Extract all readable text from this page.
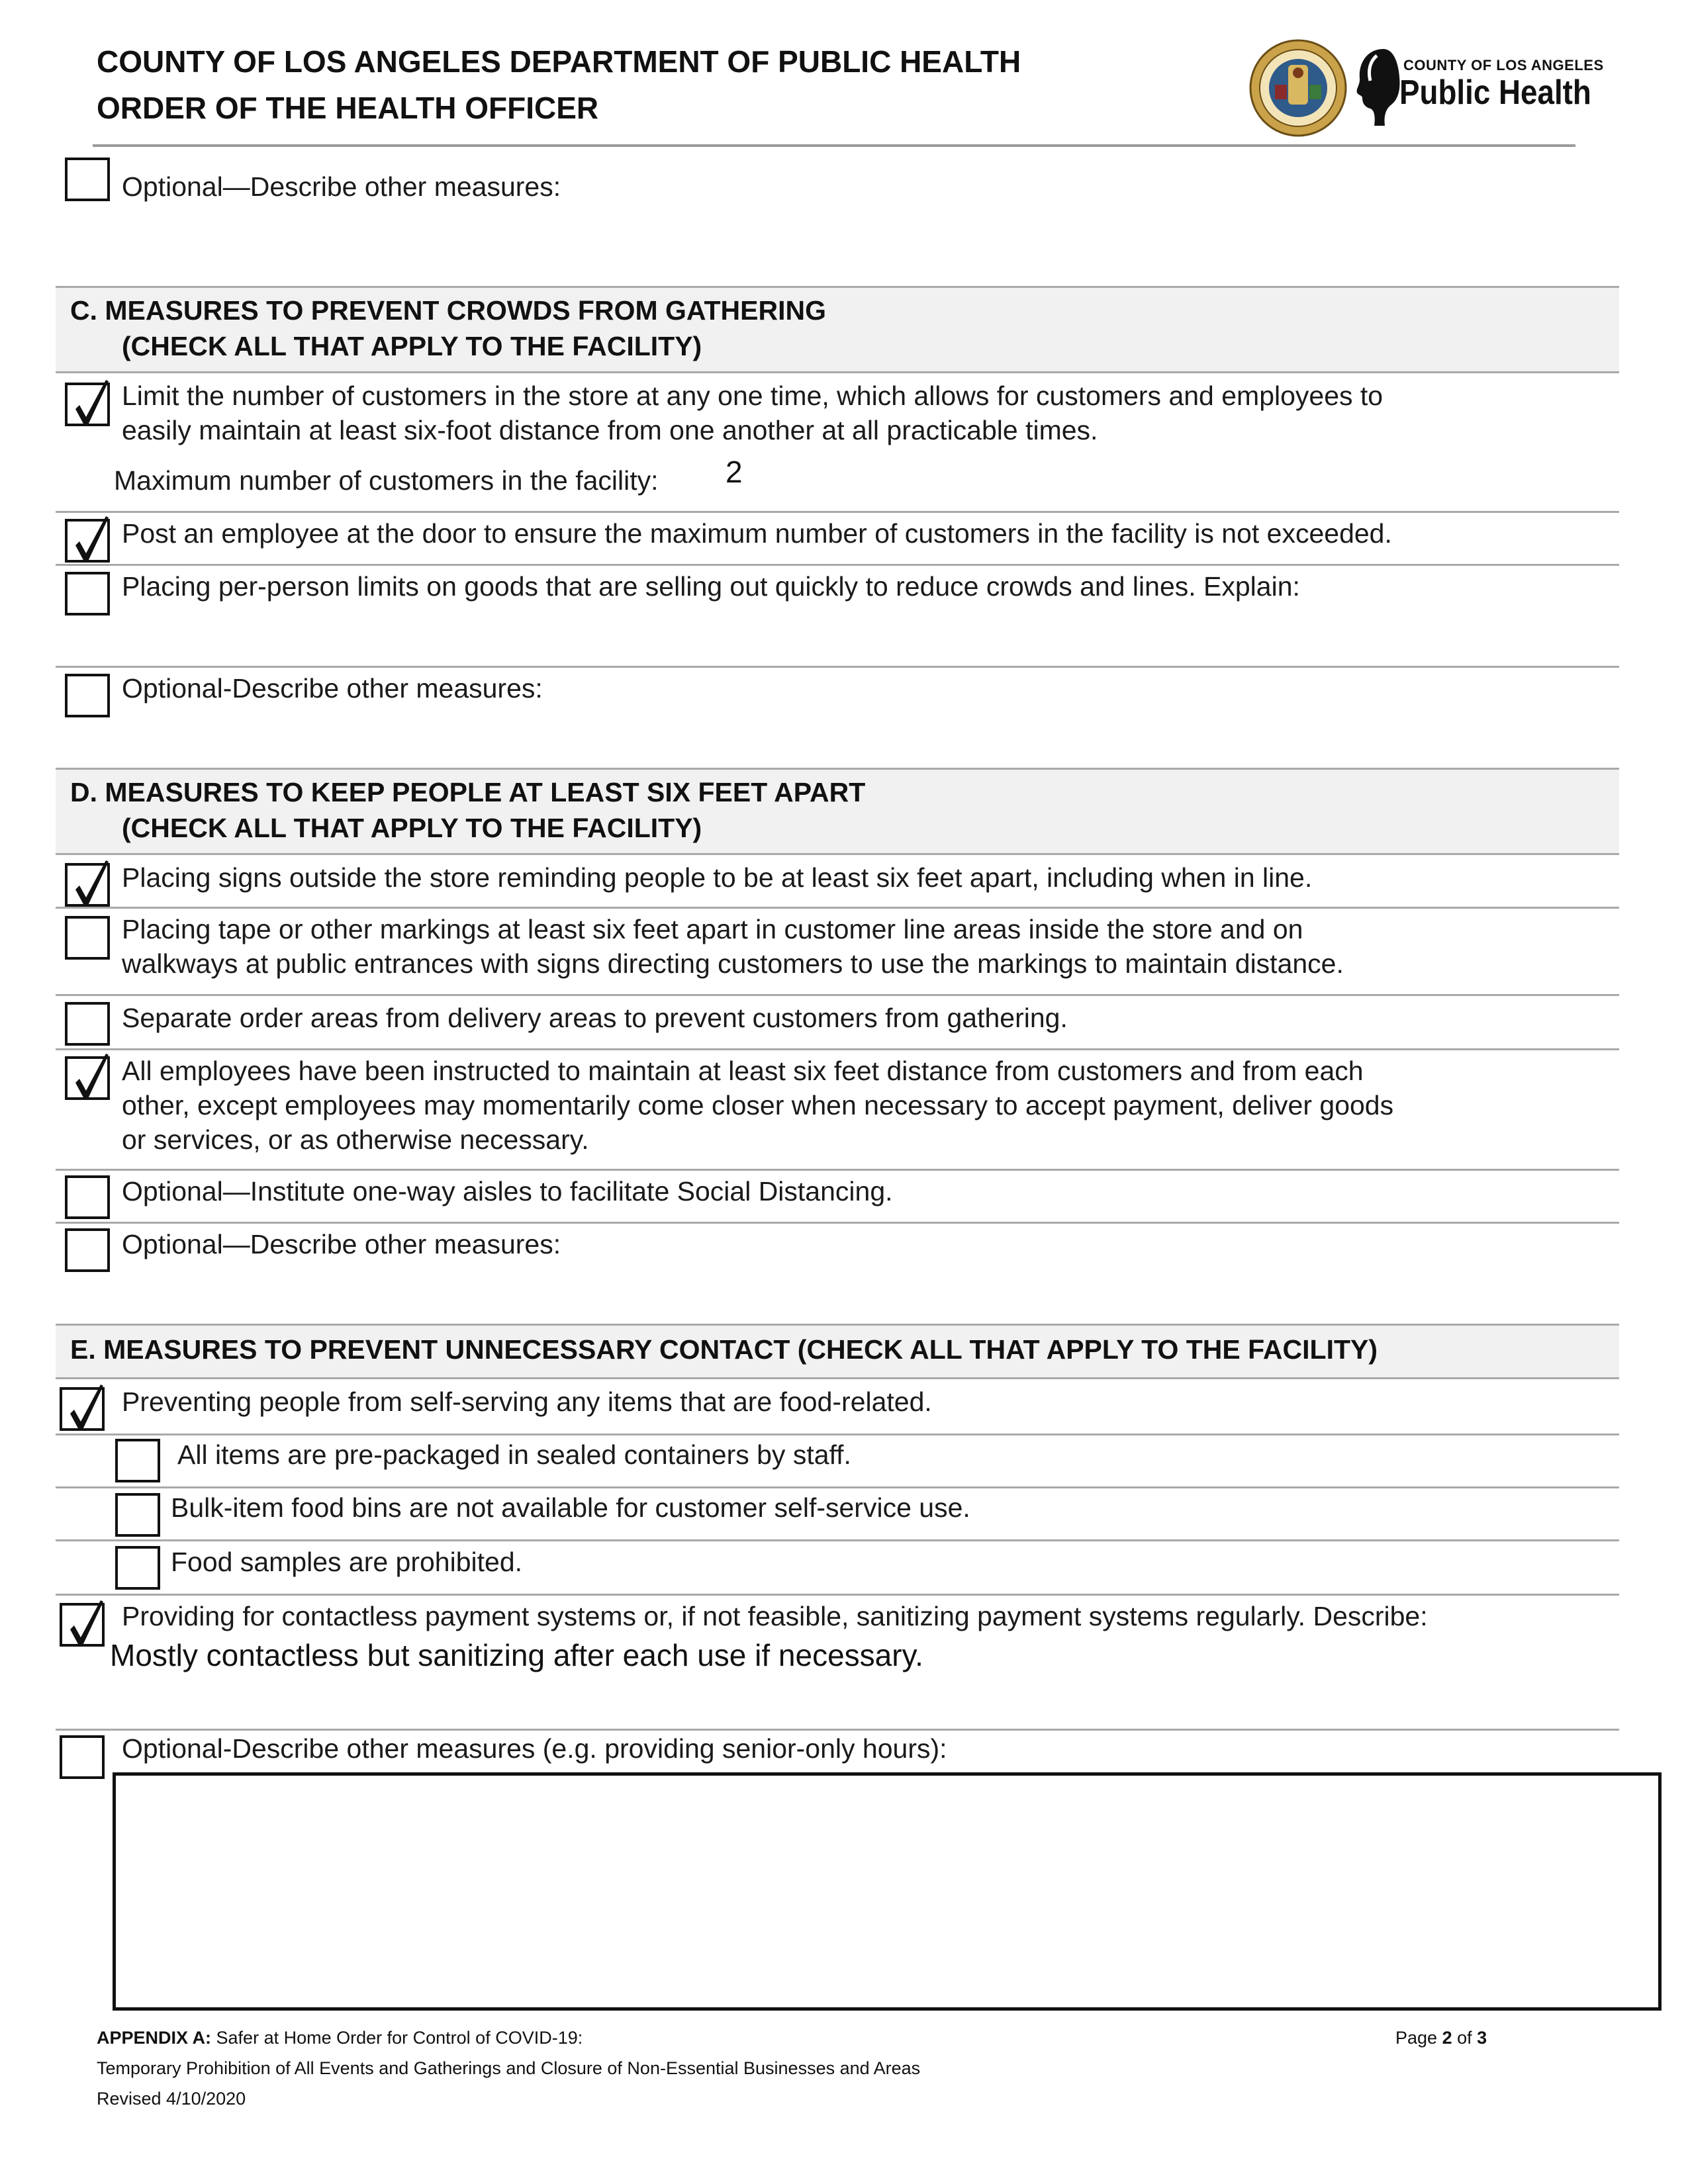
COUNTY OF LOS ANGELES DEPARTMENT OF PUBLIC HEALTH
ORDER OF THE HEALTH OFFICER
COUNTY OF LOS ANGELES
Public Health
Optional—Describe other measures:
C. MEASURES TO PREVENT CROWDS FROM GATHERING
(CHECK ALL THAT APPLY TO THE FACILITY)
Limit the number of customers in the store at any one time, which allows for customers and employees to
easily maintain at least six-foot distance from one another at all practicable times.
Maximum number of customers in the facility: 2
Post an employee at the door to ensure the maximum number of customers in the facility is not exceeded.
Placing per-person limits on goods that are selling out quickly to reduce crowds and lines. Explain:
Optional-Describe other measures:
D. MEASURES TO KEEP PEOPLE AT LEAST SIX FEET APART
(CHECK ALL THAT APPLY TO THE FACILITY)
Placing signs outside the store reminding people to be at least six feet apart, including when in line.
Placing tape or other markings at least six feet apart in customer line areas inside the store and on
walkways at public entrances with signs directing customers to use the markings to maintain distance.
Separate order areas from delivery areas to prevent customers from gathering.
All employees have been instructed to maintain at least six feet distance from customers and from each
other, except employees may momentarily come closer when necessary to accept payment, deliver goods
or services, or as otherwise necessary.
Optional—Institute one-way aisles to facilitate Social Distancing.
Optional—Describe other measures:
E. MEASURES TO PREVENT UNNECESSARY CONTACT (CHECK ALL THAT APPLY TO THE FACILITY)
Preventing people from self-serving any items that are food-related.
All items are pre-packaged in sealed containers by staff.
Bulk-item food bins are not available for customer self-service use.
Food samples are prohibited.
Providing for contactless payment systems or, if not feasible, sanitizing payment systems regularly. Describe:
Mostly contactless but sanitizing after each use if necessary.
Optional-Describe other measures (e.g. providing senior-only hours):
APPENDIX A: Safer at Home Order for Control of COVID-19:
Temporary Prohibition of All Events and Gatherings and Closure of Non-Essential Businesses and Areas
Revised 4/10/2020
Page 2 of 3
